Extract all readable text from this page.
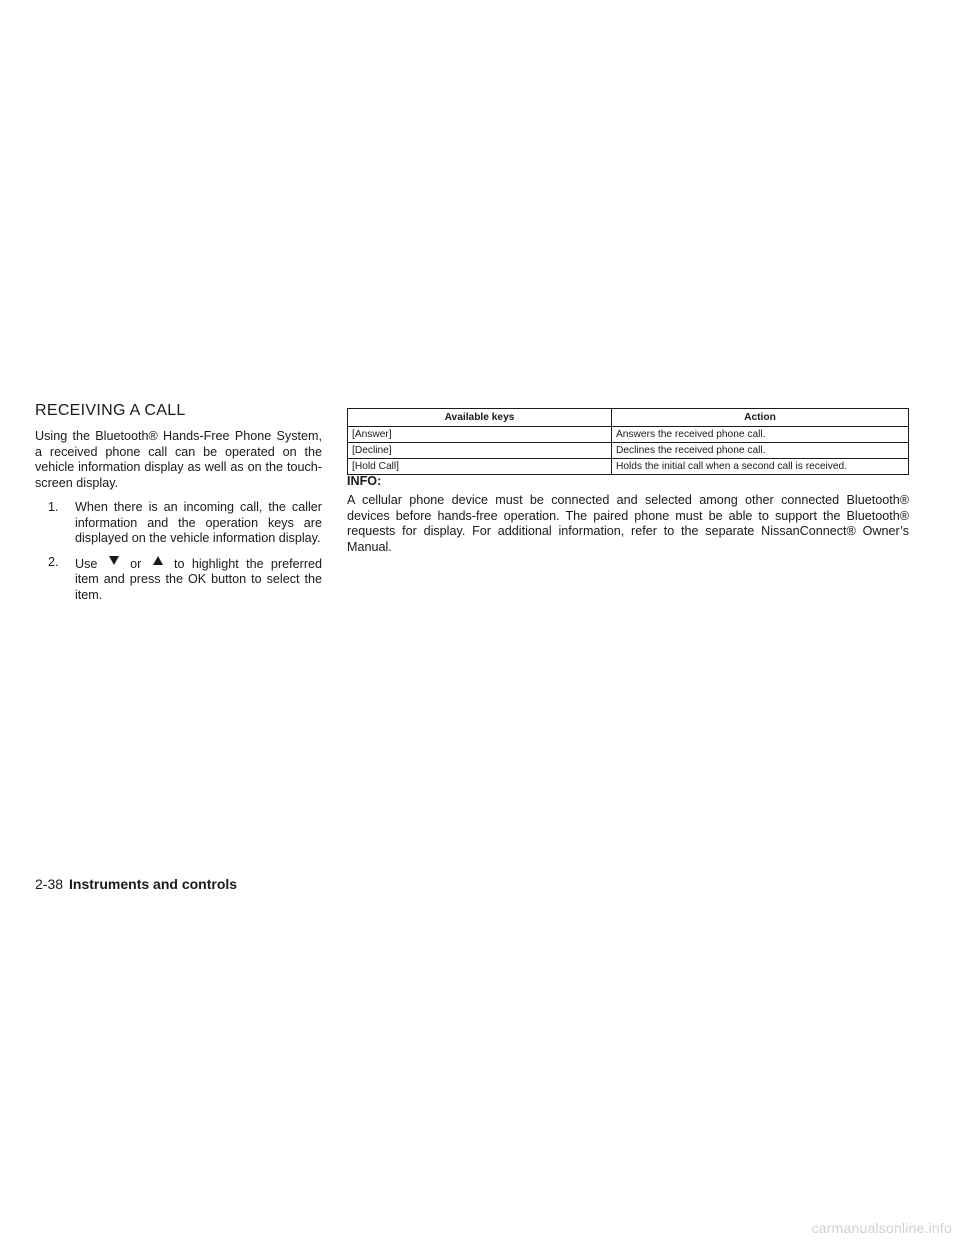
RECEIVING A CALL

Using the Bluetooth® Hands-Free Phone System, a received phone call can be operated on the vehicle information display as well as on the touch-screen display.

1. When there is an incoming call, the caller information and the operation keys are displayed on the vehicle information display.
2. Use	or	to highlight the preferred item and press the OK button to select the item.
Available keys	Action
[Answer]	Answers the received phone call.
[Decline]	Declines the received phone call.
[Hold Call]	Holds the initial call when a second call is received.

INFO:

A cellular phone device must be connected and selected among other connected Bluetooth® devices before hands-free operation. The paired phone must be able to support the Bluetooth® requests for display. For additional information, refer to the separate NissanConnect® Owner’s Manual.

2-38 Instruments and controls
carmanualsonline.info
